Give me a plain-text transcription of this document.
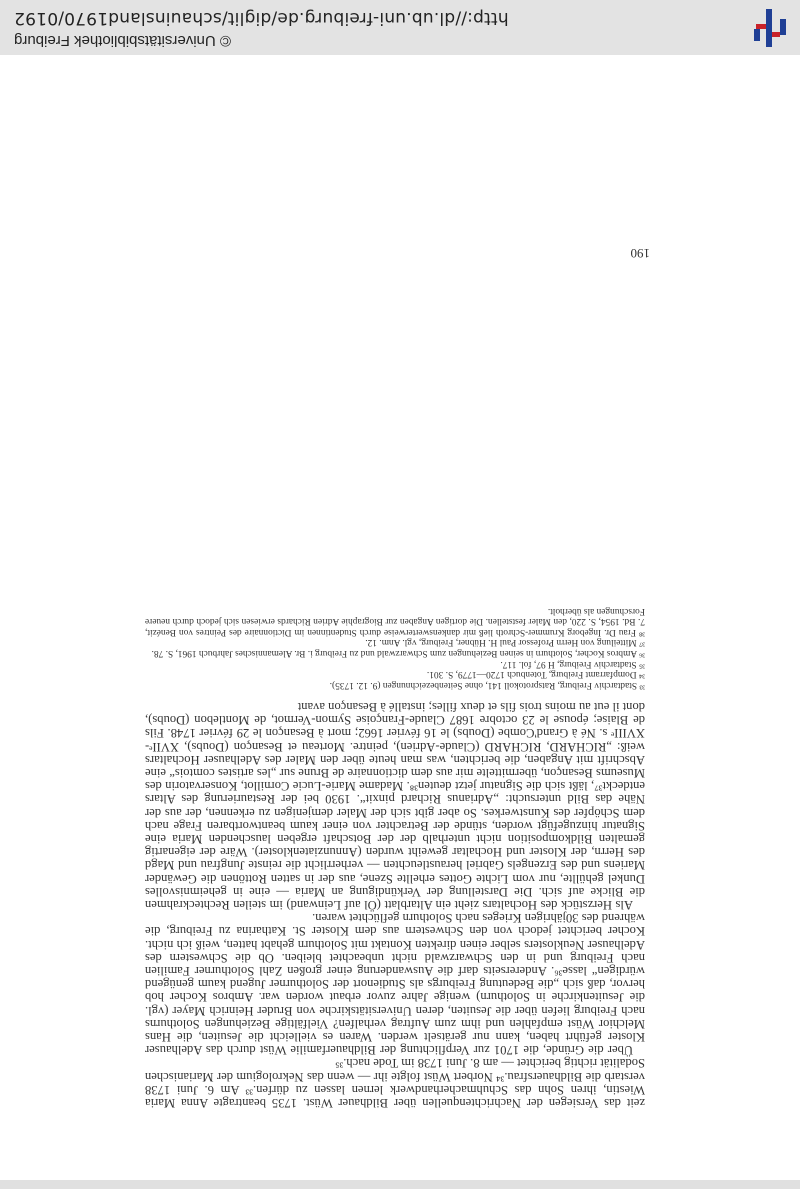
© Universitätsbibliothek Freiburg
http://dl.ub.uni-freiburg.de/diglit/schauinsland1970/0192
190

zeit das Versiegen der Nachrichtenquellen über Bildhauer Wüst. 1735 beantragte Anna Maria Wiestin, ihren Sohn das Schuhmacherhandwerk lernen lassen zu dürfen.³³ Am 6. Juni 1738 verstarb die Bildhauersfrau.³⁴ Norbert Wüst folgte ihr — wenn das Nekrologium der Marianischen Sodalität richtig berichtet — am 8. Juni 1738 im Tode nach.³⁵

Über die Gründe, die 1701 zur Verpflichtung der Bildhauerfamilie Wüst durch das Adelhauser Kloster geführt haben, kann nur gerätselt werden. Waren es vielleicht die Jesuiten, die Hans Melchior Wüst empfahlen und ihm zum Auftrag verhalfen? Vielfältige Beziehungen Solothurns nach Freiburg liefen über die Jesuiten, deren Universitätskirche von Bruder Heinrich Mayer (vgl. die Jesuitenkirche in Solothurn) wenige Jahre zuvor erbaut worden war. Ambros Kocher hob hervor, daß sich „die Bedeutung Freiburgs als Studienort der Solothurner Jugend kaum genügend würdigen“ lasse³⁶. Andererseits darf die Auswanderung einer großen Zahl Solothurner Familien nach Freiburg und in den Schwarzwald nicht unbeachtet bleiben. Ob die Schwestern des Adelhauser Neuklosters selber einen direkten Kontakt mit Solothurn gehabt hatten, weiß ich nicht. Kocher berichtet jedoch von den Schwestern aus dem Kloster St. Katharina zu Freiburg, die während des 30jährigen Krieges nach Solothurn geflüchtet waren.

Als Herzstück des Hochaltars zieht ein Altarblatt (Öl auf Leinwand) im steilen Rechteckrahmen die Blicke auf sich. Die Darstellung der Verkündigung an Maria — eine in geheimnisvolles Dunkel gehüllte, nur vom Lichte Gottes erhellte Szene, aus der in satten Rottönen die Gewänder Mariens und des Erzengels Gabriel heraustleuchten — verherrlicht die reinste Jungfrau und Magd des Herrn, der Kloster und Hochaltar geweiht wurden (Annunziatenkloster). Wäre der eigenartig gemalten Bildkomposition nicht unterhalb der der Botschaft ergeben lauschenden Maria eine Signatur hinzugefügt worden, stünde der Betrachter von einer kaum beantwortbaren Frage nach dem Schöpfer des Kunstwerkes. So aber gibt sich der Maler demjenigen zu erkennen, der aus der Nähe das Bild untersucht: „Adrianus Richard pinxit“. 1930 bei der Restaurierung des Altars entdeckt³⁷, läßt sich die Signatur jetzt deuten³⁸. Madame Marie-Lucie Cornillot, Konservatorin des Museums Besançon, übermittelte mir aus dem dictionnaire de Brune sur „les artistes comtois“ eine Abschrift mit Angaben, die berichten, was man heute über den Maler des Adelhauser Hochaltars weiß: „RICHARD, RICHARD (Claude-Adrien), peintre. Morteau et Besançon (Doubs), XVIIᵉ-XVIIIᵉ s. Né à Grand'Combe (Doubs) le 16 février 1662; mort à Besançon le 29 février 1748. Fils de Blaise; épouse le 23 octobre 1687 Claude-Françoise Symon-Vermot, de Montlebon (Doubs), dont il eut au moins trois fils et deux filles; installé à Besançon avant

³³ Stadtarchiv Freiburg, Ratsprotokoll 141, ohne Seitenbezeichnungen (9. 12. 1735).

³⁴ Dompfarramt Freiburg, Totenbuch 1720—1779, S. 301.

³⁵ Stadtarchiv Freiburg, H 97, fol. 117.

³⁶ Ambros Kocher, Solothurn in seinen Beziehungen zum Schwarzwald und zu Freiburg i. Br. Alemannisches Jahrbuch 1961, S. 78.

³⁷ Mitteilung von Herrn Professor Paul H. Hübner, Freiburg, vgl. Anm. 12.

³⁸ Frau Dr. Ingeborg Krummer-Schroth ließ mir dankenswerterweise durch Studentinnen im Dictionnaire des Peintres von Benézit, 7. Bd. 1954, S. 220, den Maler feststellen. Die dortigen Angaben zur Biographie Adrien Richards erwiesen sich jedoch durch neuere Forschungen als überholt.
